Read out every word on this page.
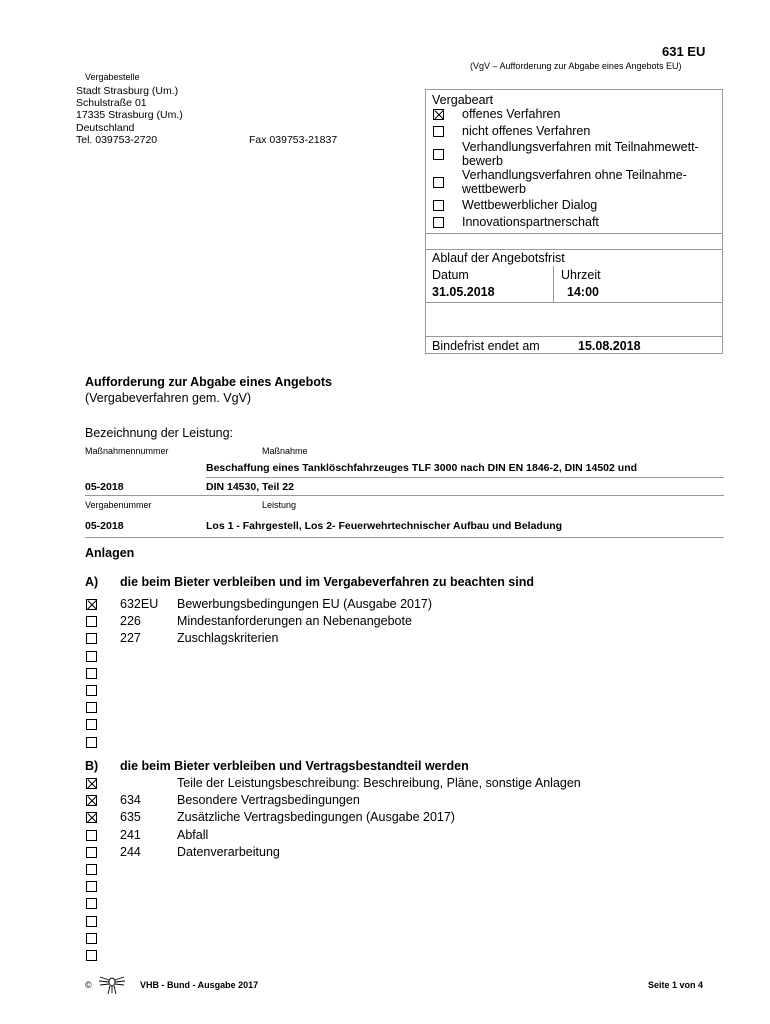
631 EU
(VgV – Aufforderung zur Abgabe eines Angebots EU)
Vergabestelle
Stadt Strasburg (Um.)
Schulstraße 01
17335 Strasburg (Um.)
Deutschland
Tel. 039753-2720	Fax 039753-21837
Vergabeart
offenes Verfahren
nicht offenes Verfahren
Verhandlungsverfahren mit Teilnahmewett-
bewerb
Verhandlungsverfahren ohne Teilnahme-
wettbewerb
Wettbewerblicher Dialog
Innovationspartnerschaft
Ablauf der Angebotsfrist
Datum	Uhrzeit
31.05.2018	14:00
Bindefrist endet am	15.08.2018
Aufforderung zur Abgabe eines Angebots
(Vergabeverfahren gem. VgV)
Bezeichnung der Leistung:
Maßnahmennummer	Maßnahme
Beschaffung eines Tanklöschfahrzeuges TLF 3000 nach DIN EN 1846-2, DIN 14502 und
05-2018	DIN 14530, Teil 22
Vergabenummer	Leistung
05-2018	Los 1 - Fahrgestell, Los 2- Feuerwehrtechnischer Aufbau und Beladung
Anlagen
A) die beim Bieter verbleiben und im Vergabeverfahren zu beachten sind
632EU Bewerbungsbedingungen EU (Ausgabe 2017)
226	Mindestanforderungen an Nebenangebote
227	Zuschlagskriterien
B) die beim Bieter verbleiben und Vertragsbestandteil werden
Teile der Leistungsbeschreibung: Beschreibung, Pläne, sonstige Anlagen
634	Besondere Vertragsbedingungen
635	Zusätzliche Vertragsbedingungen (Ausgabe 2017)
241	Abfall
244	Datenverarbeitung
©	VHB - Bund - Ausgabe 2017	Seite 1 von 4
